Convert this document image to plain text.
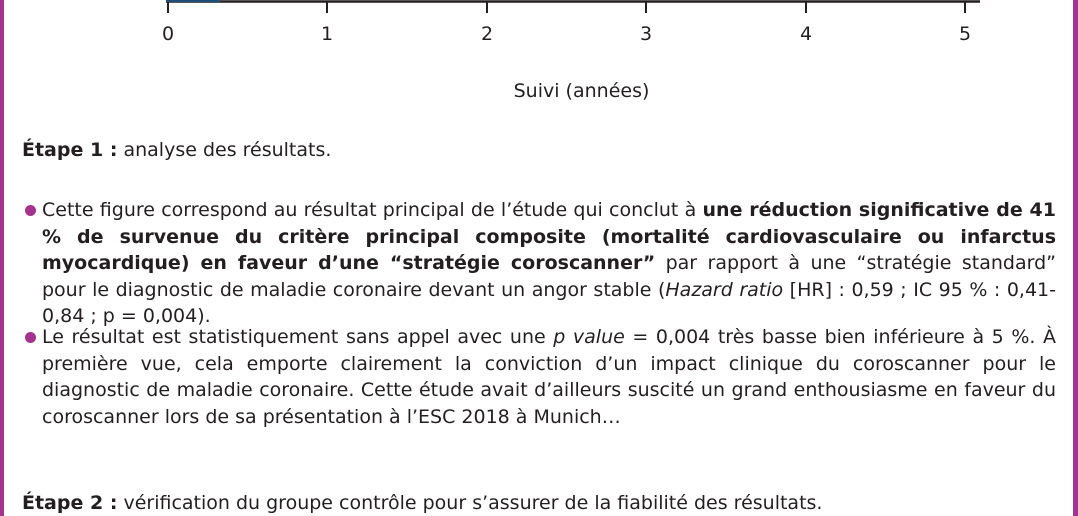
0	1	2	3	4	5
Suivi (années)
Étape 1 : analyse des résultats.
Cette figure correspond au résultat principal de l’étude qui conclut à une réduction significative de 41 % de survenue du critère principal composite (mortalité cardiovasculaire ou infarctus myocardique) en faveur d’une “stratégie coroscanner” par rapport à une “stratégie standard” pour le diagnostic de maladie coronaire devant un angor stable (Hazard ratio [HR] : 0,59 ; IC 95 % : 0,41-0,84 ; p = 0,004).
Le résultat est statistiquement sans appel avec une p value = 0,004 très basse bien inférieure à 5 %. À première vue, cela emporte clairement la conviction d’un impact clinique du coroscanner pour le diagnostic de maladie coronaire. Cette étude avait d’ailleurs suscité un grand enthousiasme en faveur du coroscanner lors de sa présentation à l’ESC 2018 à Munich…
Étape 2 : vérification du groupe contrôle pour s’assurer de la fiabilité des résultats.
